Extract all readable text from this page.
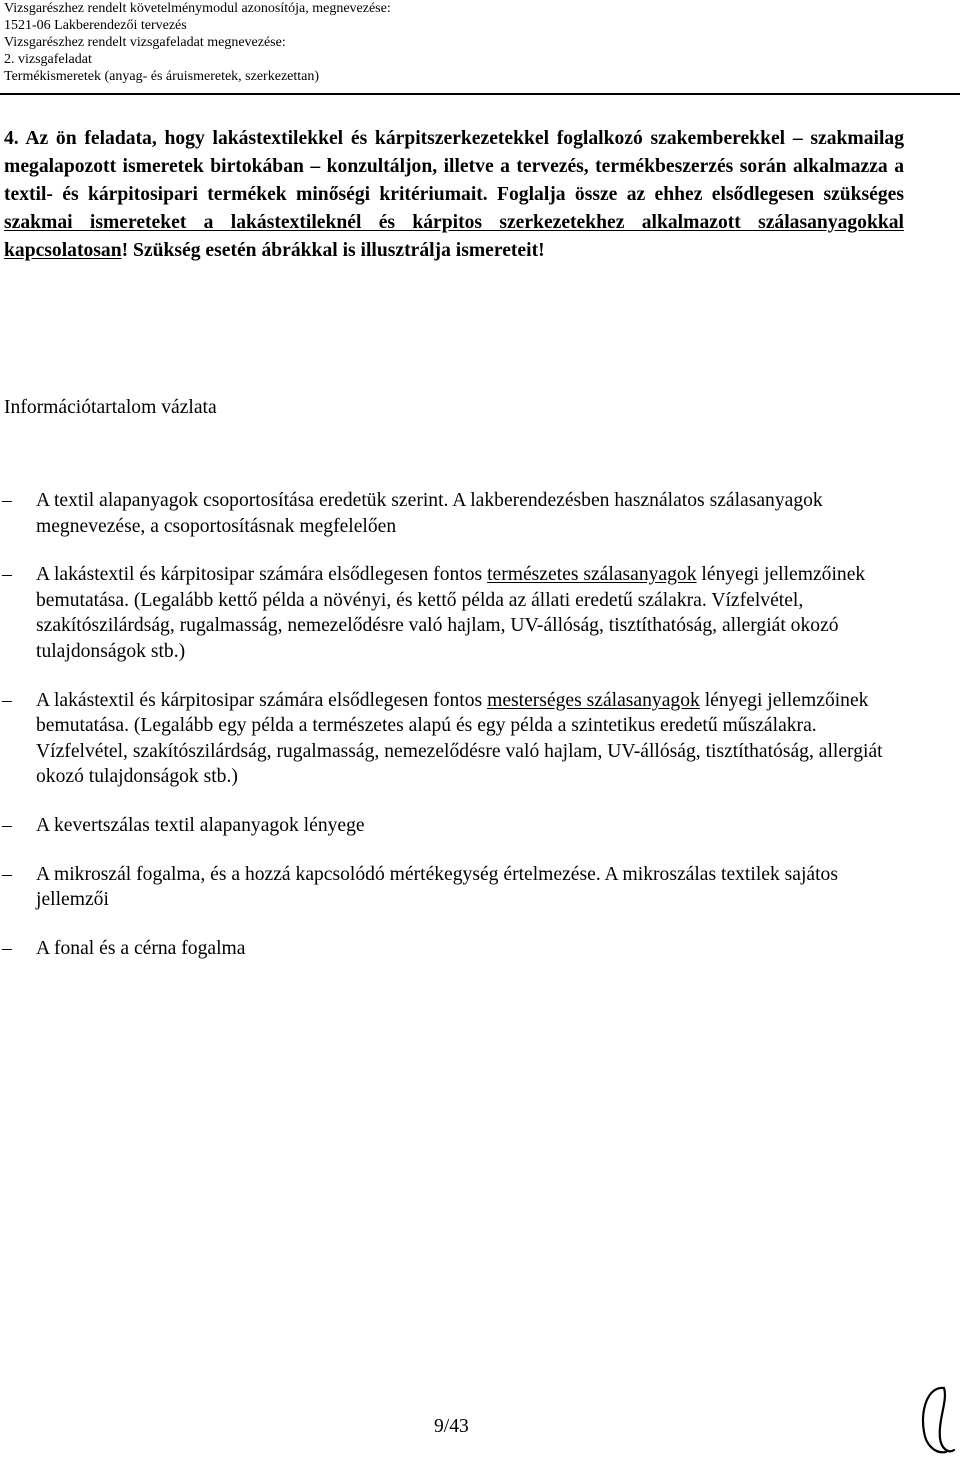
Vizsgarészhez rendelt követelménymodul azonosítója, megnevezése:
1521-06 Lakberendezői tervezés
Vizsgarészhez rendelt vizsgafeladat megnevezése:
2. vizsgafeladat
Termékismeretek (anyag- és áruismeretek, szerkezettan)
4. Az ön feladata, hogy lakástextilekkel és kárpitszerkezetekkel foglalkozó szakemberekkel – szakmailag megalapozott ismeretek birtokában – konzultáljon, illetve a tervezés, termékbeszerzés során alkalmazza a textil- és kárpitosipari termékek minőségi kritériumait. Foglalja össze az ehhez elsődlegesen szükséges szakmai ismereteket a lakástextileknél és kárpitos szerkezetekhez alkalmazott szálasanyagokkal kapcsolatosan! Szükség esetén ábrákkal is illusztrálja ismereteit!
Információtartalom vázlata
– A textil alapanyagok csoportosítása eredetük szerint. A lakberendezésben használatos szálasanyagok megnevezése, a csoportosításnak megfelelően
– A lakástextil és kárpitosipar számára elsődlegesen fontos természetes szálasanyagok lényegi jellemzőinek bemutatása. (Legalább kettő példa a növényi, és kettő példa az állati eredetű szálakra. Vízfelvétel, szakítószilárdság, rugalmasság, nemezelődésre való hajlam, UV-állóság, tisztíthatóság, allergiát okozó tulajdonságok stb.)
– A lakástextil és kárpitosipar számára elsődlegesen fontos mesterséges szálasanyagok lényegi jellemzőinek bemutatása. (Legalább egy példa a természetes alapú és egy példa a szintetikus eredetű műszálakra. Vízfelvétel, szakítószilárdság, rugalmasság, nemezelődésre való hajlam, UV-állóság, tisztíthatóság, allergiát okozó tulajdonságok stb.)
– A kevertszálas textil alapanyagok lényege
– A mikroszál fogalma, és a hozzá kapcsolódó mértékegység értelmezése. A mikroszálas textilek sajátos jellemzői
– A fonal és a cérna fogalma
9/43
